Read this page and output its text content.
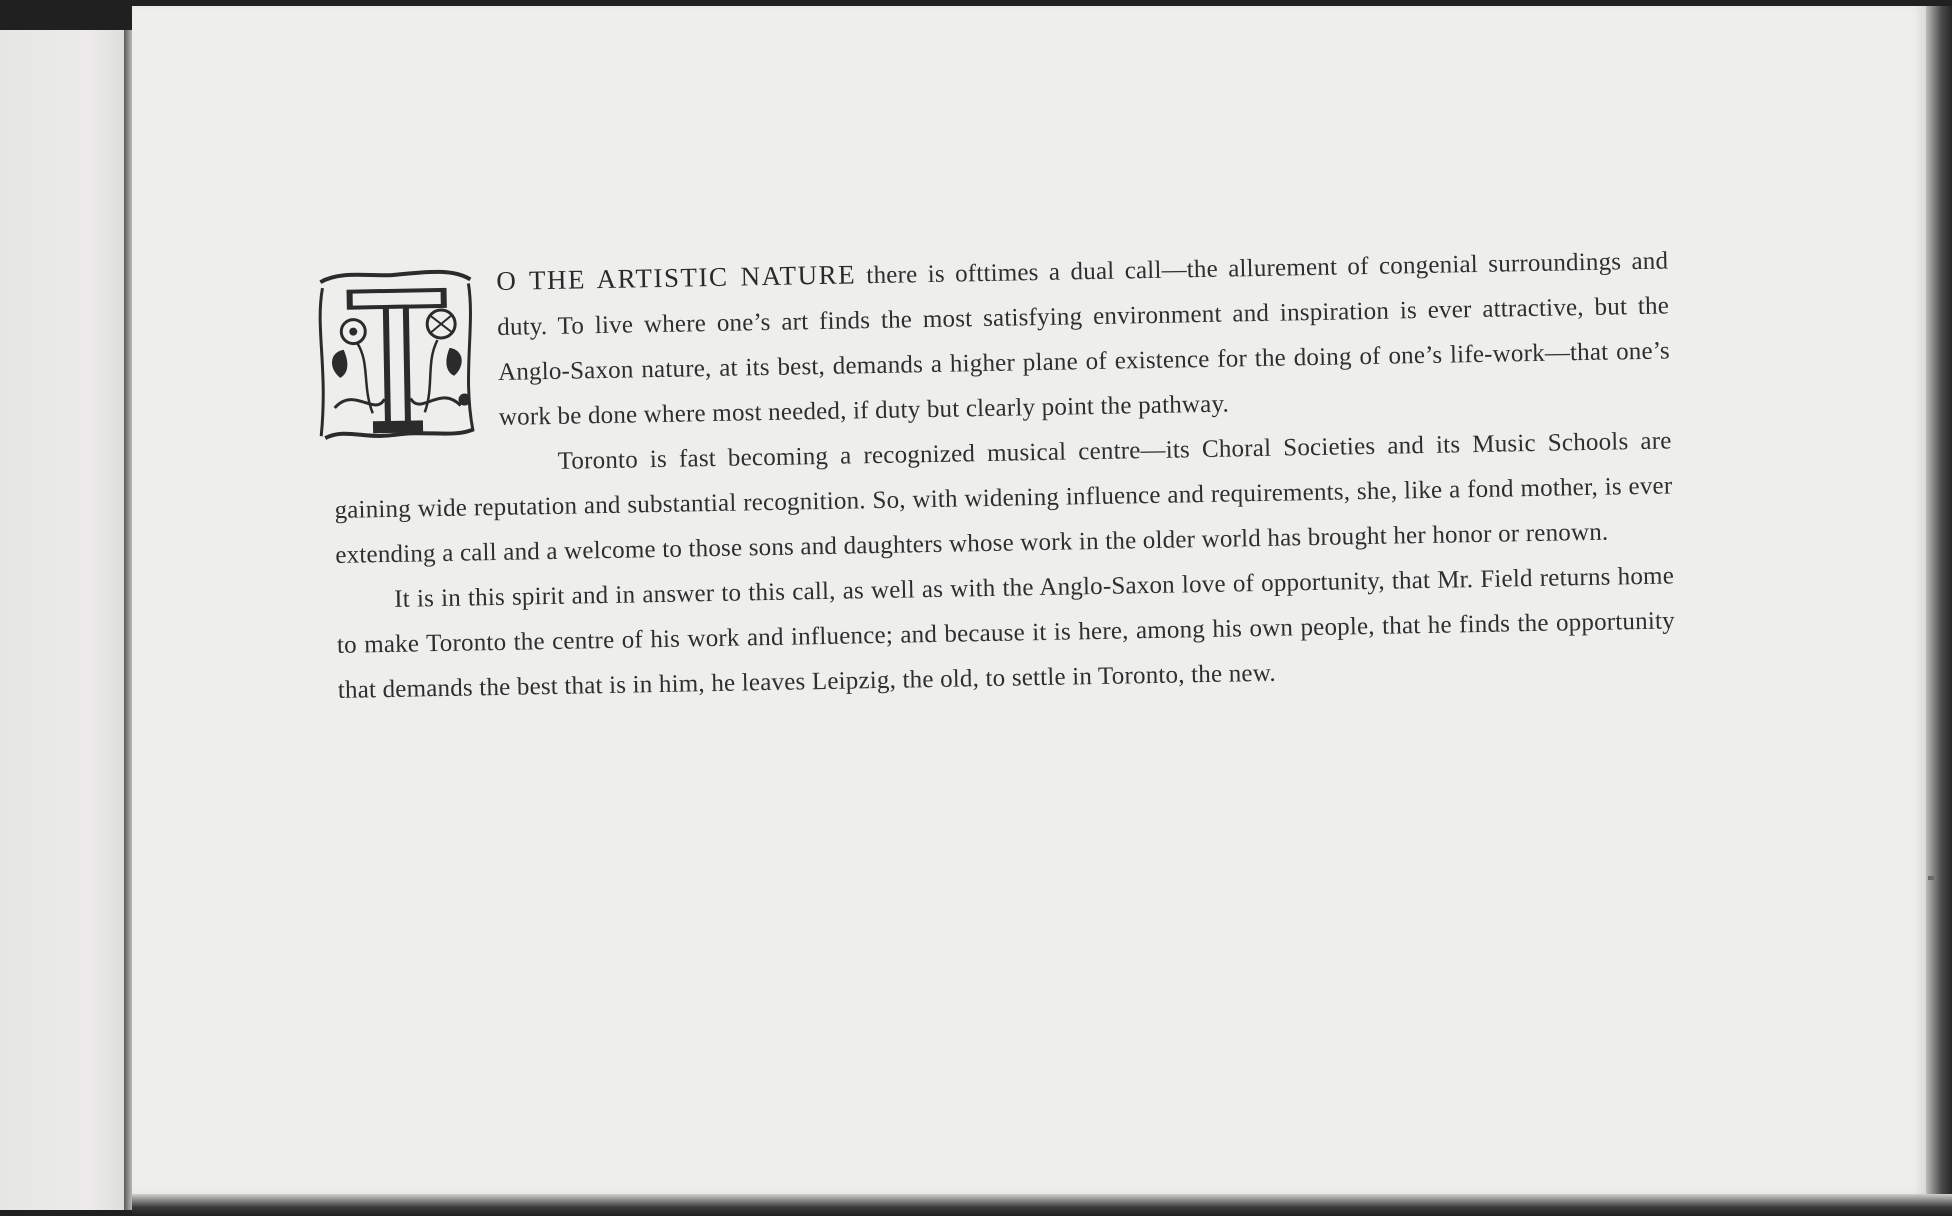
O THE ARTISTIC NATURE there is ofttimes a dual call—the allurement of congenial surroundings and duty. To live where one’s art finds the most satisfying environment and inspiration is ever attractive, but the Anglo-Saxon nature, at its best, demands a higher plane of existence for the doing of one’s life-work—that one’s work be done where most needed, if duty but clearly point the pathway.

Toronto is fast becoming a recognized musical centre—its Choral Societies and its Music Schools are gaining wide reputation and substantial recognition. So, with widening influence and requirements, she, like a fond mother, is ever extending a call and a welcome to those sons and daughters whose work in the older world has brought her honor or renown.

It is in this spirit and in answer to this call, as well as with the Anglo-Saxon love of opportunity, that Mr. Field returns home to make Toronto the centre of his work and influence; and because it is here, among his own people, that he finds the opportunity that demands the best that is in him, he leaves Leipzig, the old, to settle in Toronto, the new.
